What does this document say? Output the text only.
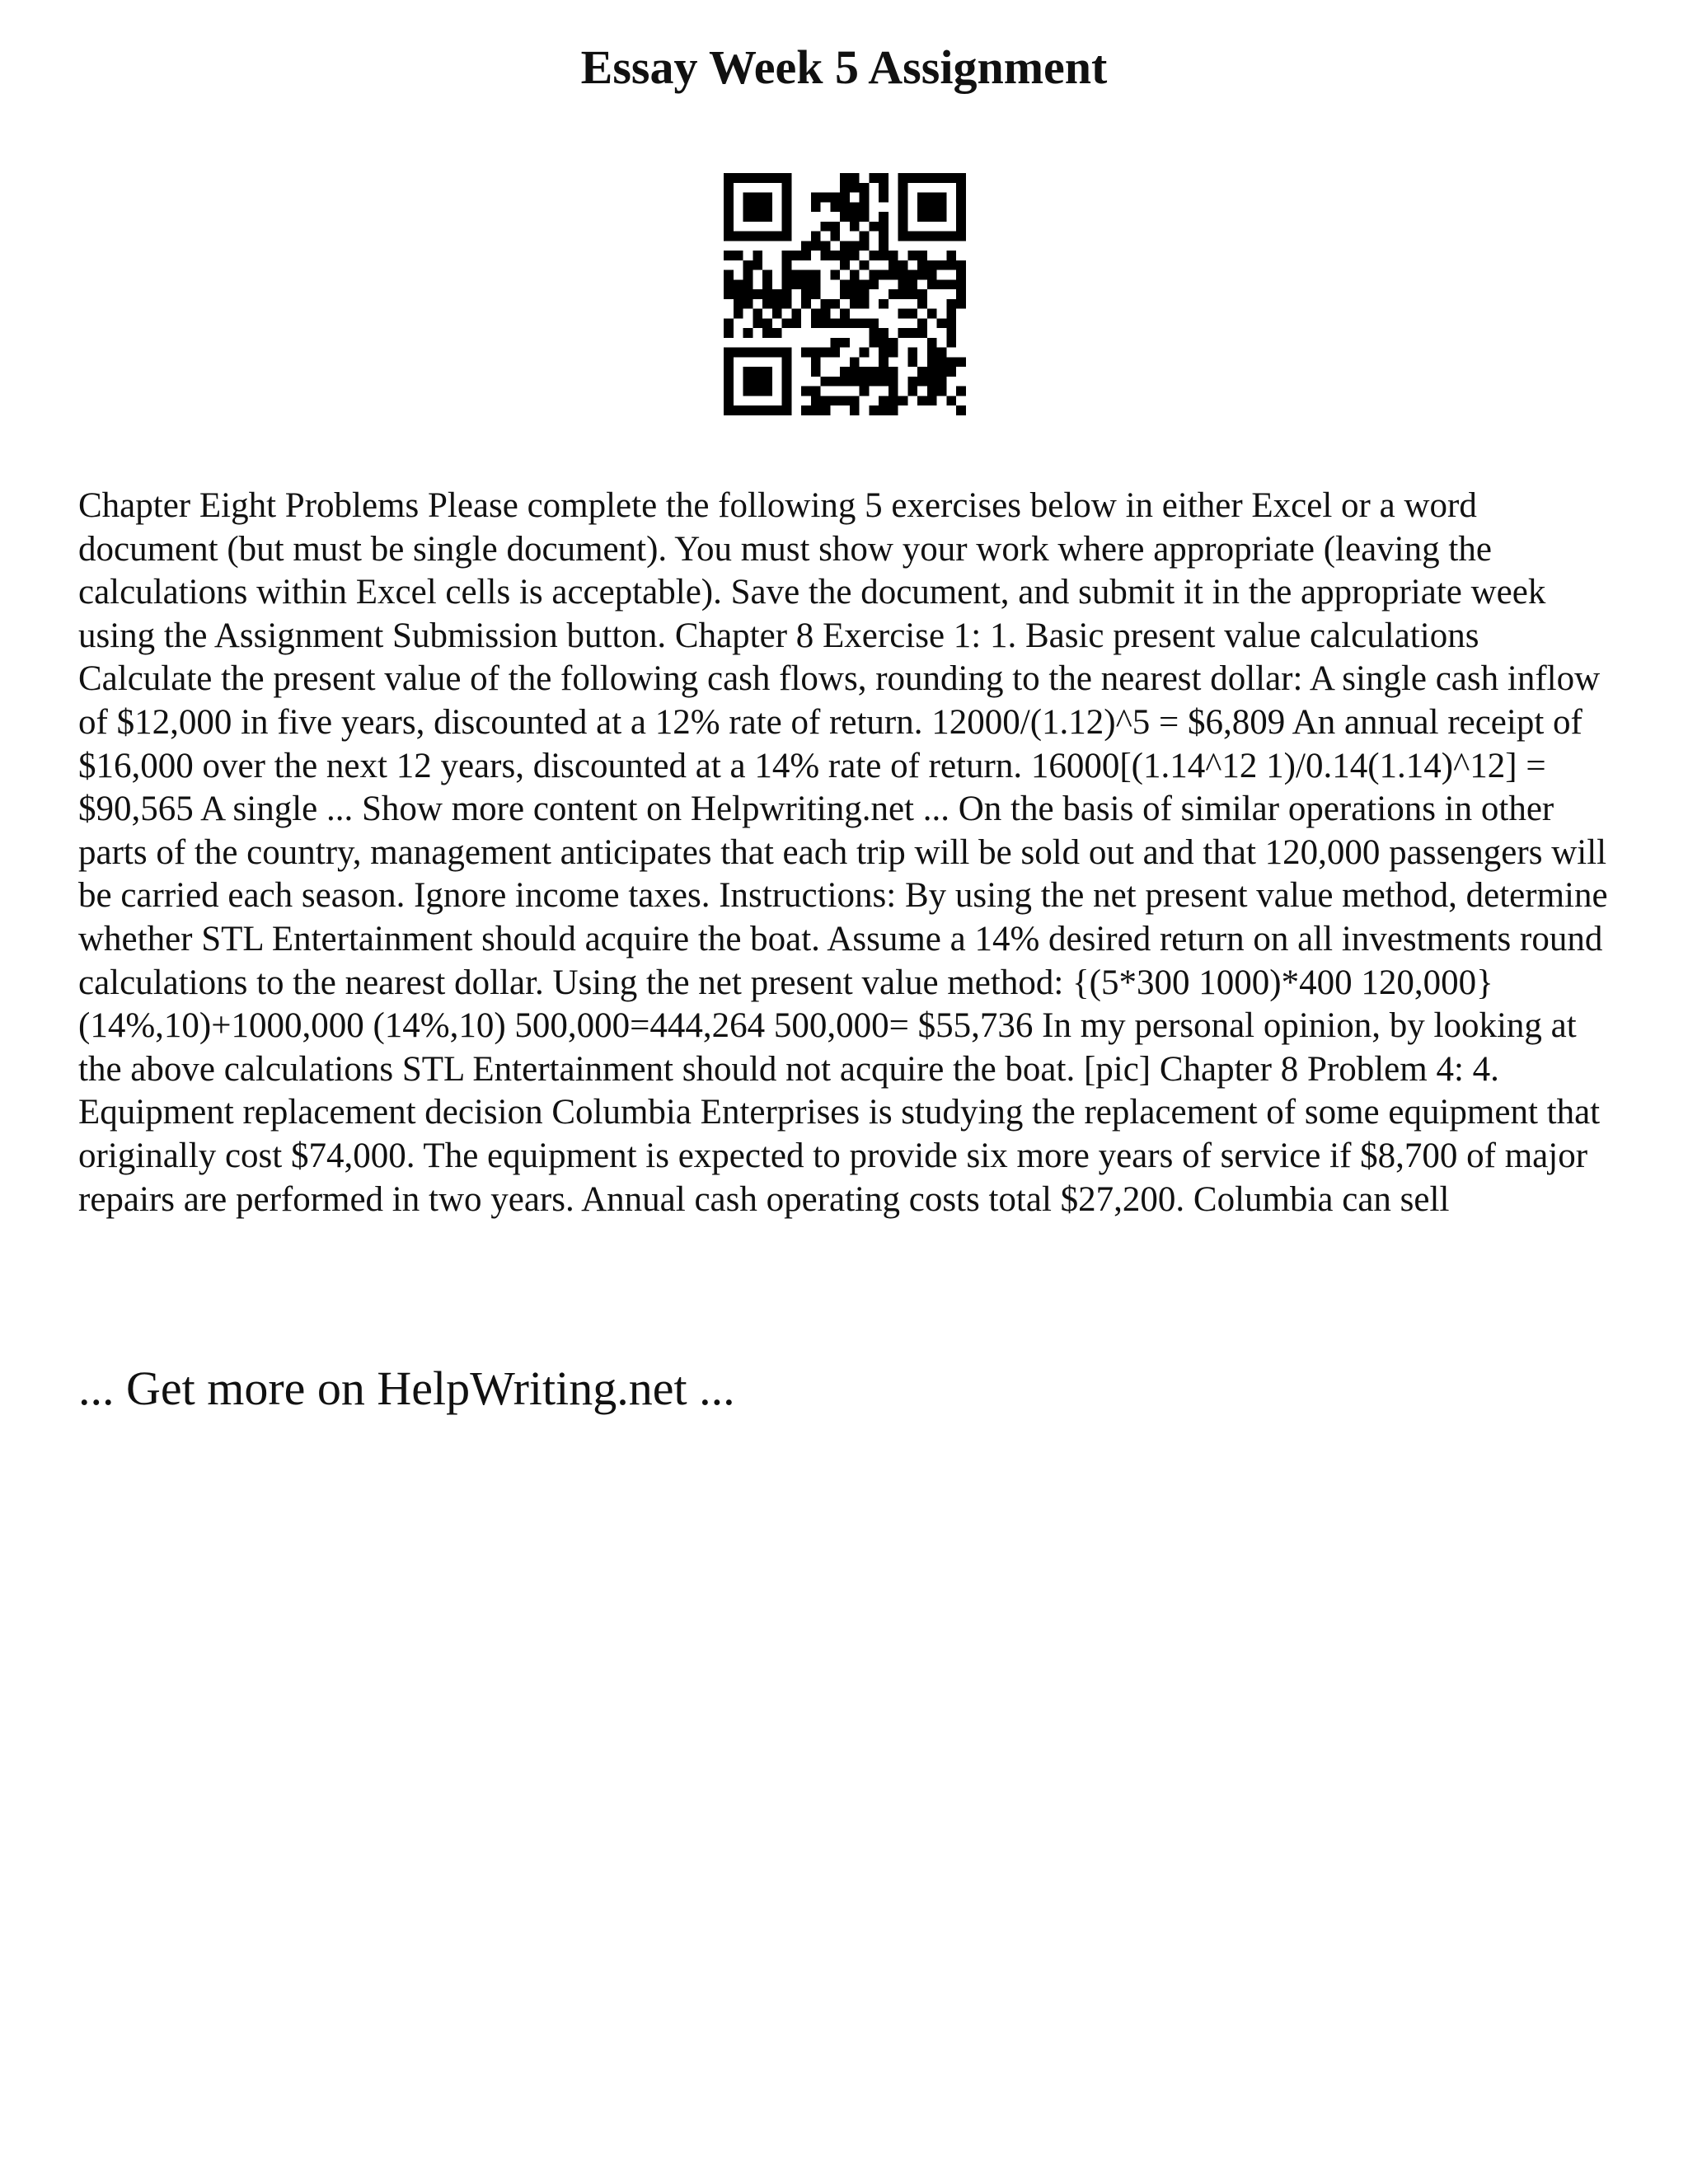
Essay Week 5 Assignment

Chapter Eight Problems Please complete the following 5 exercises below in either Excel or a word document (but must be single document). You must show your work where appropriate (leaving the calculations within Excel cells is acceptable). Save the document, and submit it in the appropriate week using the Assignment Submission button. Chapter 8 Exercise 1: 1. Basic present value calculations Calculate the present value of the following cash flows, rounding to the nearest dollar: A single cash inflow of $12,000 in five years, discounted at a 12% rate of return. 12000/(1.12)^5 = $6,809 An annual receipt of $16,000 over the next 12 years, discounted at a 14% rate of return. 16000[(1.14^12 1)/0.14(1.14)^12] = $90,565 A single ... Show more content on Helpwriting.net ... On the basis of similar operations in other parts of the country, management anticipates that each trip will be sold out and that 120,000 passengers will be carried each season. Ignore income taxes. Instructions: By using the net present value method, determine whether STL Entertainment should acquire the boat. Assume a 14% desired return on all investments round calculations to the nearest dollar. Using the net present value method: {(5*300 1000)*400 120,000} (14%,10)+1000,000 (14%,10) 500,000=444,264 500,000= $55,736 In my personal opinion, by looking at the above calculations STL Entertainment should not acquire the boat. [pic] Chapter 8 Problem 4: 4. Equipment replacement decision Columbia Enterprises is studying the replacement of some equipment that originally cost $74,000. The equipment is expected to provide six more years of service if $8,700 of major repairs are performed in two years. Annual cash operating costs total $27,200. Columbia can sell

... Get more on HelpWriting.net ...
